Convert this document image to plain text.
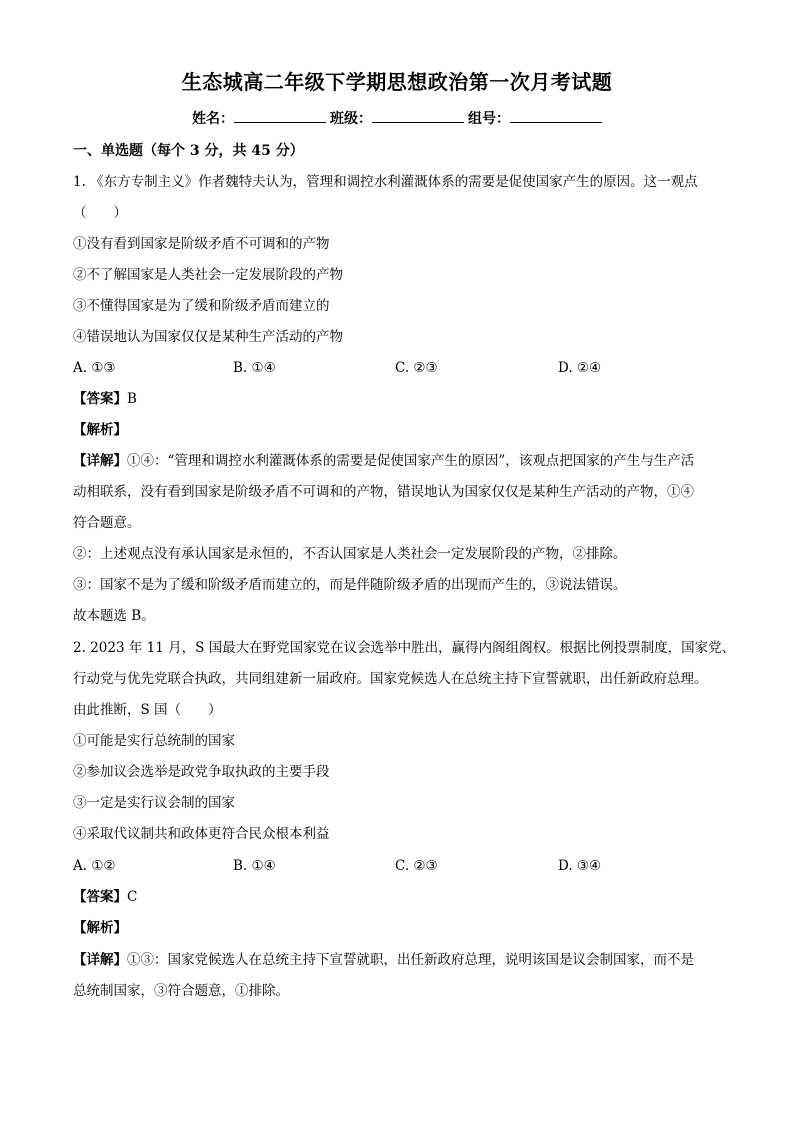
生态城高二年级下学期思想政治第一次月考试题
姓名：	班级：	组号：
一、单选题（每个 3 分，共 45 分）
1. 《东方专制主义》作者魏特夫认为，管理和调控水利灌溉体系的需要是促使国家产生的原因。这一观点
（　　）
①没有看到国家是阶级矛盾不可调和的产物
②不了解国家是人类社会一定发展阶段的产物
③不懂得国家是为了缓和阶级矛盾而建立的
④错误地认为国家仅仅是某种生产活动的产物
A. ①③	B. ①④	C. ②③	D. ②④
【答案】B
【解析】
【详解】①④：“管理和调控水利灌溉体系的需要是促使国家产生的原因”，该观点把国家的产生与生产活
动相联系，没有看到国家是阶级矛盾不可调和的产物，错误地认为国家仅仅是某种生产活动的产物，①④
符合题意。
②：上述观点没有承认国家是永恒的，不否认国家是人类社会一定发展阶段的产物，②排除。
③：国家不是为了缓和阶级矛盾而建立的，而是伴随阶级矛盾的出现而产生的，③说法错误。
故本题选 B。
2. 2023 年 11 月，S 国最大在野党国家党在议会选举中胜出，赢得内阁组阁权。根据比例投票制度，国家党、
行动党与优先党联合执政，共同组建新一届政府。国家党候选人在总统主持下宣誓就职，出任新政府总理。
由此推断，S 国（　　）
①可能是实行总统制的国家
②参加议会选举是政党争取执政的主要手段
③一定是实行议会制的国家
④采取代议制共和政体更符合民众根本利益
A. ①②	B. ①④	C. ②③	D. ③④
【答案】C
【解析】
【详解】①③：国家党候选人在总统主持下宣誓就职，出任新政府总理，说明该国是议会制国家，而不是
总统制国家，③符合题意，①排除。
